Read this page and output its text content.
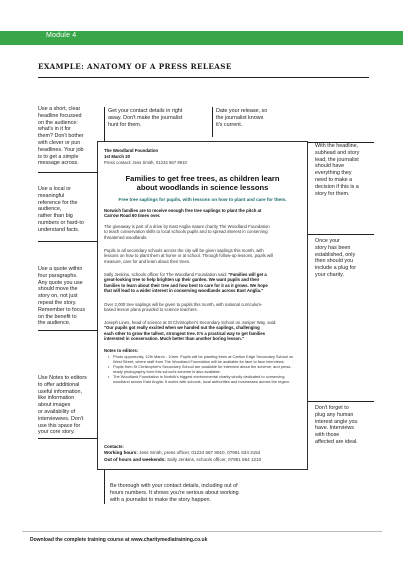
Module 4
EXAMPLE: ANATOMY OF A PRESS RELEASE
Use a short, clear
headline focussed
on the audience:
what's in it for
them? Don't bother
with clever or pun
headlines. Your job
is to get a simple
message across.
Use a local or
meaningful
reference for the
audience,
rather than big
numbers or hard-to
understand facts.
Use a quote within
four paragraphs.
Any quote you use
should move the
story on, not just
repeat the story.
Remember to focus
on the benefit to
the audience.
Use Notes to editors
to offer additional
useful information,
like information
about images
or availability of
interviewees. Don't
use this space for
your core story.
Get your contact details in right
away. Don't make the journalist
hunt for them.
Date your release, so
the journalist knows
it's current.
With the headline,
subhead and story
lead, the journalist
should have
everything they
need to make a
decision if this is a
story for them.
Once your
story has been
established, only
then should you
include a plug for
your charity.
Don't forget to
plug any human
interest angle you
have. Interviews
with those
affected are ideal.
Be thorough with your contact details, including out of
hours numbers. It shows you're serious about working
with a journalist to make the story happen.
The Woodland Foundation
1st March 20
Press contact: Jess Smith, 01234 567 8910
Families to get free trees, as children learn
about woodlands in science lessons
Free tree saplings for pupils, with lessons on how to plant and care for them.
Norwich families are to receive enough free tree saplings to plant the pitch at
Carrow Road 60 times over.
The giveaway is part of a drive by East Anglia nature charity The Woodland Foundation
to teach conservation skills to local schools pupils and to spread interest in conserving
threatened woodlands.
Pupils in all secondary schools across the city will be given saplings this month, with
lessons on how to plant them at home or at school. Through follow-up lessons, pupils will
measure, care for and learn about their trees.
Sally Jenkins, schools officer for The Woodland Foundation said: "Families will get a
great-looking tree to help brighten up their garden. We want pupils and their
families to learn about their tree and how best to care for it as it grows. We hope
that will lead to a wider interest in conserving woodlands across East Anglia."
Over 2,000 tree saplings will be given to pupils this month, with national curriculum-
based lesson plans provided to science teachers.
Joseph Lines, head of science at St Christopher's Secondary School on Juniper Way, said:
"Our pupils got really excited when we handed out the saplings, challenging
each other to grow the tallest, strongest tree. It's a practical way to get families
interested in conservation. Much better than another boring lesson."
Notes to editors:
• Photo opportunity, 12th March - 10am. Pupils will be planting trees at Carlton Edge Secondary School on West Street, where staff from The Woodland Foundation will be available for face to face interviews.
• Pupils from St Christopher's Secondary School are available for interview about the scheme, and press-ready photography from this school's scheme is also available.
• The Woodland Foundation is Norfolk's biggest environmental charity wholly dedicated to conserving woodland across East Anglia. It works with schools, local authorities and businesses across the region.
Contacts:
Working hours: Jess Smith, press officer, 01234 567 8910, 07981 634 3154
Out of hours and weekends: Sally Jenkins, schools officer, 07981 654 1210
Download the complete training course at www.charitymediatraining.co.uk
